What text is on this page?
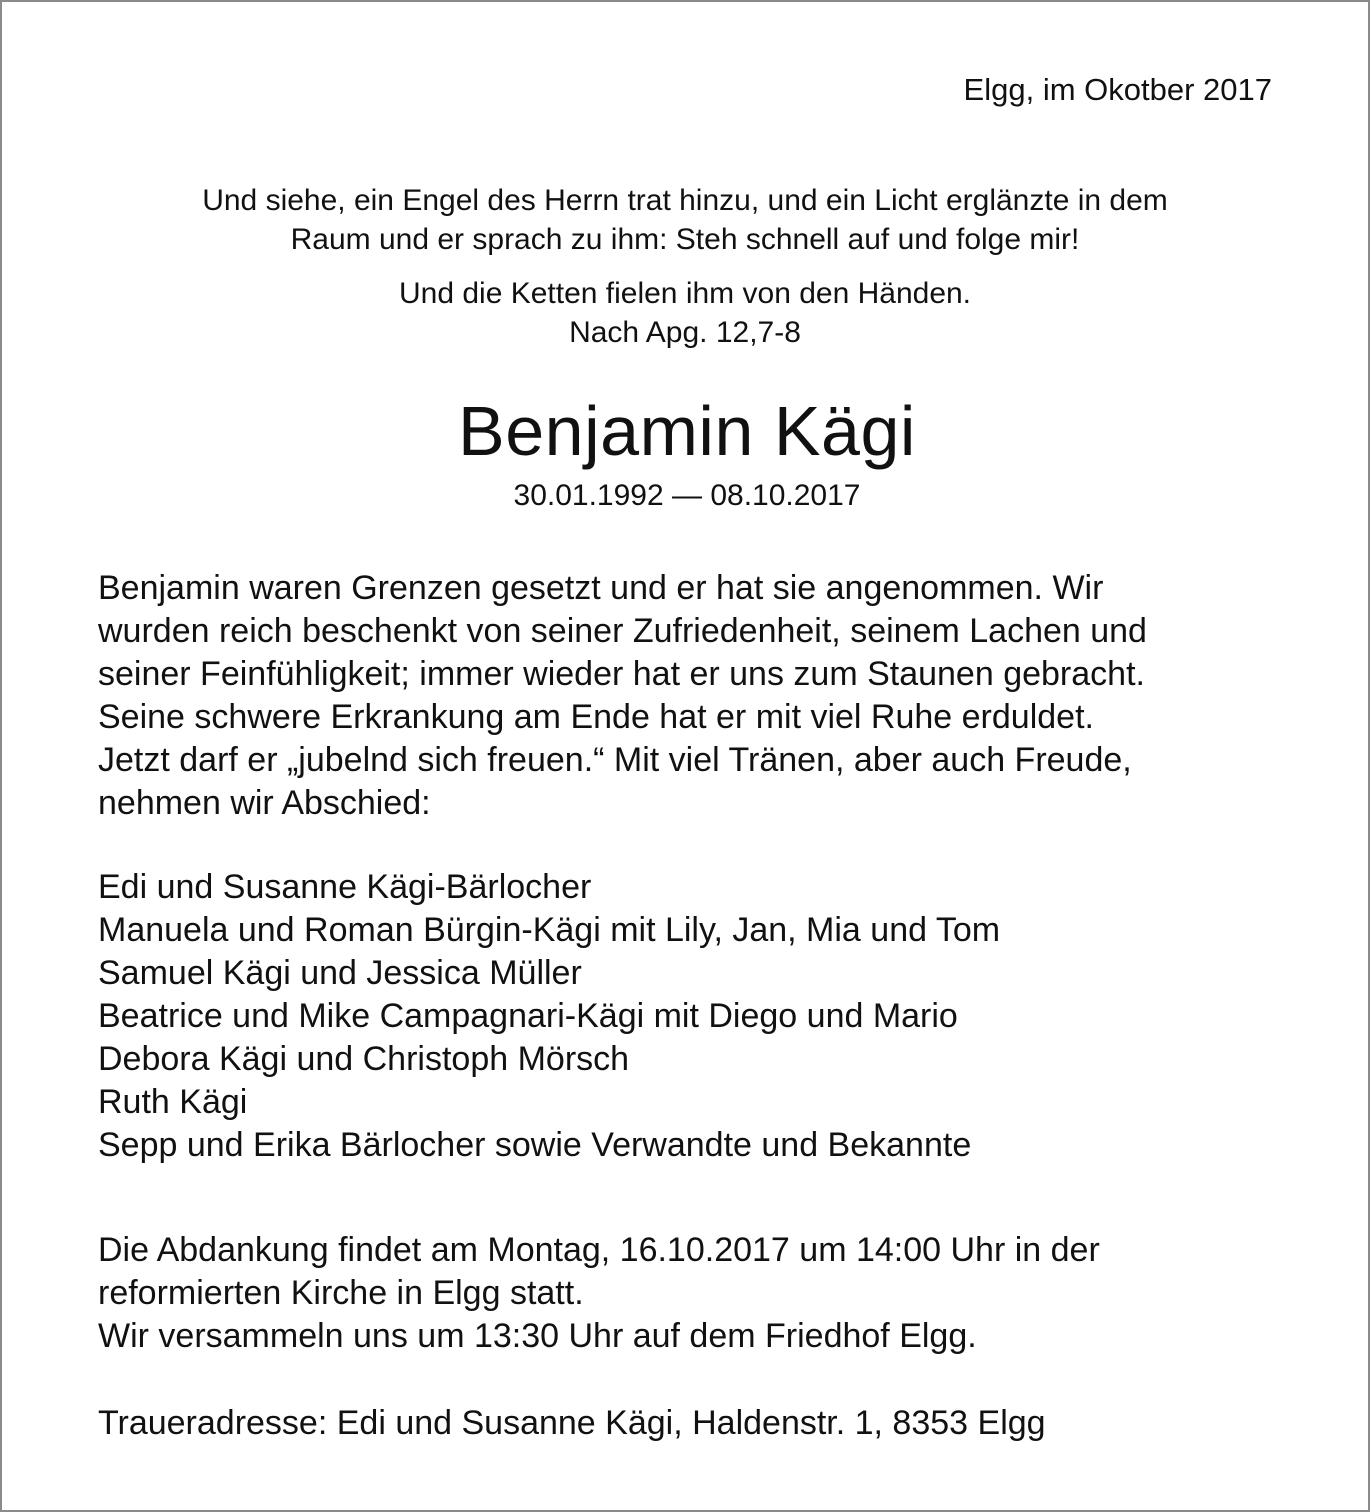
Elgg, im Okotber 2017
Und siehe, ein Engel des Herrn trat hinzu, und ein Licht erglänzte in dem
Raum und er sprach zu ihm: Steh schnell auf und folge mir!
Und die Ketten fielen ihm von den Händen.
Nach Apg. 12,7-8
Benjamin Kägi
30.01.1992 — 08.10.2017
Benjamin waren Grenzen gesetzt und er hat sie angenommen. Wir
wurden reich beschenkt von seiner Zufriedenheit, seinem Lachen und
seiner Feinfühligkeit; immer wieder hat er uns zum Staunen gebracht.
Seine schwere Erkrankung am Ende hat er mit viel Ruhe erduldet.
Jetzt darf er „jubelnd sich freuen.“ Mit viel Tränen, aber auch Freude,
nehmen wir Abschied:
Edi und Susanne Kägi-Bärlocher
Manuela und Roman Bürgin-Kägi mit Lily, Jan, Mia und Tom
Samuel Kägi und Jessica Müller
Beatrice und Mike Campagnari-Kägi mit Diego und Mario
Debora Kägi und Christoph Mörsch
Ruth Kägi
Sepp und Erika Bärlocher sowie Verwandte und Bekannte
Die Abdankung findet am Montag, 16.10.2017 um 14:00 Uhr in der
reformierten Kirche in Elgg statt.
Wir versammeln uns um 13:30 Uhr auf dem Friedhof Elgg.
Traueradresse: Edi und Susanne Kägi, Haldenstr. 1, 8353 Elgg
